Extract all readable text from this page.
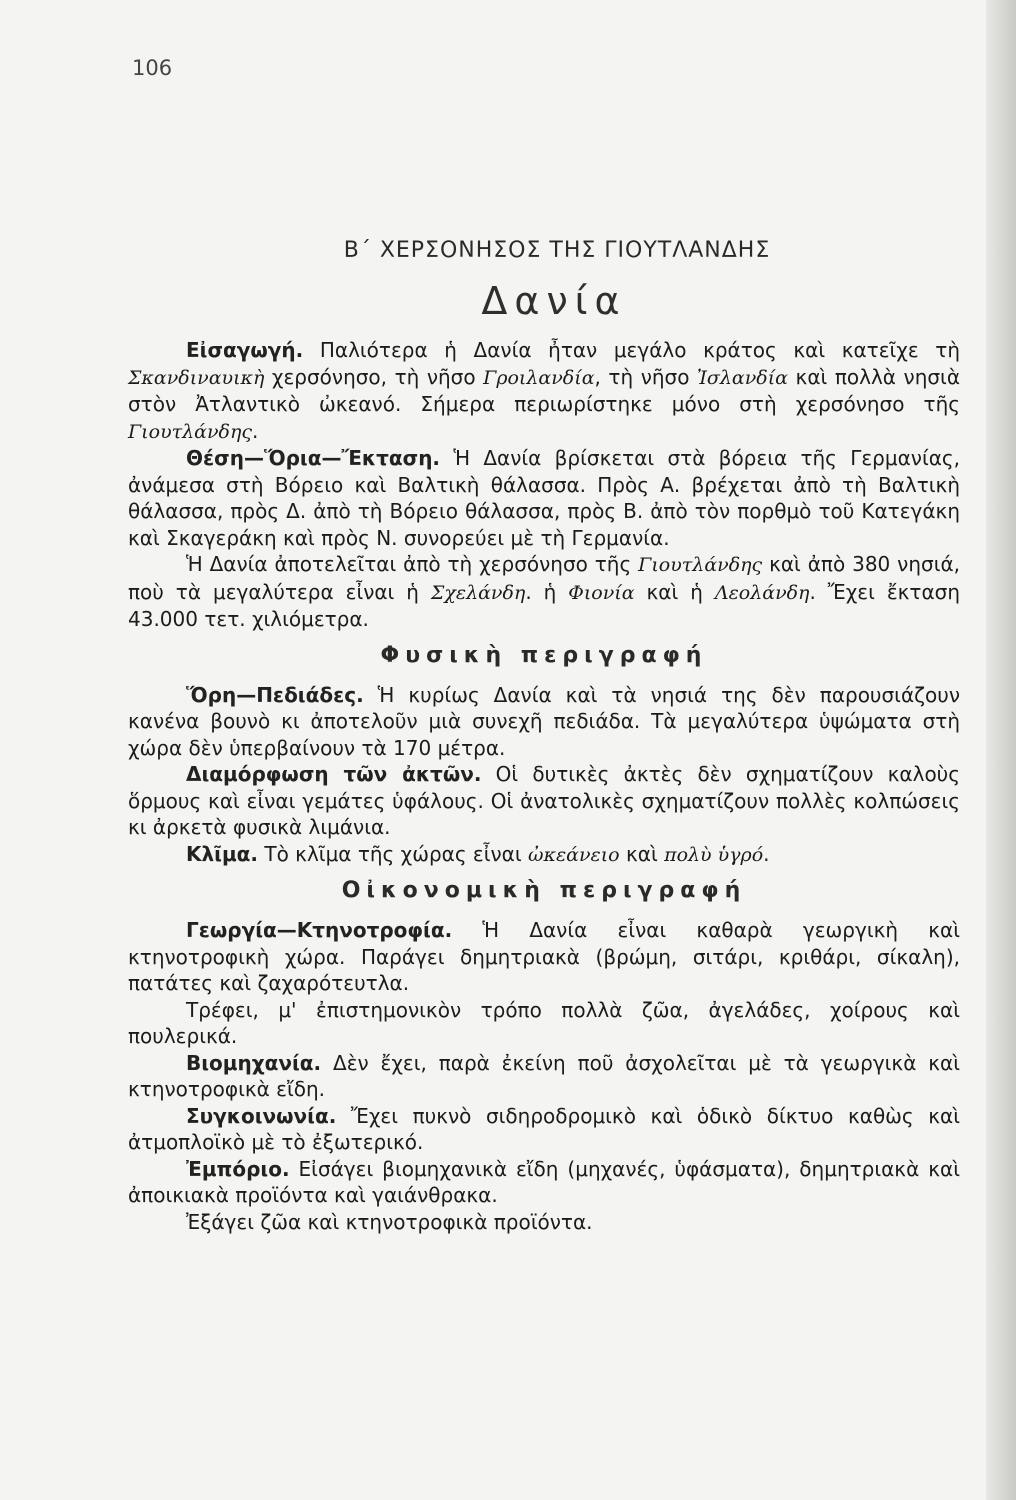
106
Β΄ ΧΕΡΣΟΝΗΣΟΣ ΤΗΣ ΓΙΟΥΤΛΑΝΔΗΣ
Δανία

Εἰσαγωγή. Παλιότερα ἡ Δανία ἦταν μεγάλο κράτος καὶ κατεῖχε τὴ Σκανδιναυικὴ χερσόνησο, τὴ νῆσο Γροιλανδία, τὴ νῆσο Ἰσλανδία καὶ πολλὰ νησιὰ στὸν Ἀτλαντικὸ ὠκεανό. Σήμερα περιωρίστηκε μόνο στὴ χερσόνησο τῆς Γιουτλάνδης.

Θέση—Ὅρια—Ἔκταση. Ἡ Δανία βρίσκεται στὰ βόρεια τῆς Γερμανίας, ἀνάμεσα στὴ Βόρειο καὶ Βαλτικὴ θάλασσα. Πρὸς Α. βρέχεται ἀπὸ τὴ Βαλτικὴ θάλασσα, πρὸς Δ. ἀπὸ τὴ Βόρειο θάλασσα, πρὸς Β. ἀπὸ τὸν πορθμὸ τοῦ Κατεγάκη καὶ Σκαγεράκη καὶ πρὸς Ν. συνορεύει μὲ τὴ Γερμανία.

Ἡ Δανία ἀποτελεῖται ἀπὸ τὴ χερσόνησο τῆς Γιουτλάνδης καὶ ἀπὸ 380 νησιά, ποὺ τὰ μεγαλύτερα εἶναι ἡ Σχελάνδη. ἡ Φιονία καὶ ἡ Λεολάνδη. Ἔχει ἔκταση 43.000 τετ. χιλιόμετρα.

Φυσικὴ περιγραφή

Ὅρη—Πεδιάδες. Ἡ κυρίως Δανία καὶ τὰ νησιά της δὲν παρουσιάζουν κανένα βουνὸ κι ἀποτελοῦν μιὰ συνεχῆ πεδιάδα. Τὰ μεγαλύτερα ὑψώματα στὴ χώρα δὲν ὑπερβαίνουν τὰ 170 μέτρα.

Διαμόρφωση τῶν ἀκτῶν. Οἱ δυτικὲς ἀκτὲς δὲν σχηματίζουν καλοὺς ὅρμους καὶ εἶναι γεμάτες ὑφάλους. Οἱ ἀνατολικὲς σχηματίζουν πολλὲς κολπώσεις κι ἀρκετὰ φυσικὰ λιμάνια.

Κλῖμα. Τὸ κλῖμα τῆς χώρας εἶναι ὠκεάνειο καὶ πολὺ ὑγρό.

Οἰκονομικὴ περιγραφή

Γεωργία—Κτηνοτροφία. Ἡ Δανία εἶναι καθαρὰ γεωργικὴ καὶ κτηνοτροφικὴ χώρα. Παράγει δημητριακὰ (βρώμη, σιτάρι, κριθάρι, σίκαλη), πατάτες καὶ ζαχαρότευτλα.

Τρέφει, μ' ἐπιστημονικὸν τρόπο πολλὰ ζῶα, ἀγελάδες, χοίρους καὶ πουλερικά.

Βιομηχανία. Δὲν ἔχει, παρὰ ἐκείνη ποῦ ἀσχολεῖται μὲ τὰ γεωργικὰ καὶ κτηνοτροφικὰ εἴδη.

Συγκοινωνία. Ἔχει πυκνὸ σιδηροδρομικὸ καὶ ὁδικὸ δίκτυο καθὼς καὶ ἀτμοπλοϊκὸ μὲ τὸ ἐξωτερικό.

Ἐμπόριο. Εἰσάγει βιομηχανικὰ εἴδη (μηχανές, ὑφάσματα), δημητριακὰ καὶ ἀποικιακὰ προϊόντα καὶ γαιάνθρακα.

Ἐξάγει ζῶα καὶ κτηνοτροφικὰ προϊόντα.
